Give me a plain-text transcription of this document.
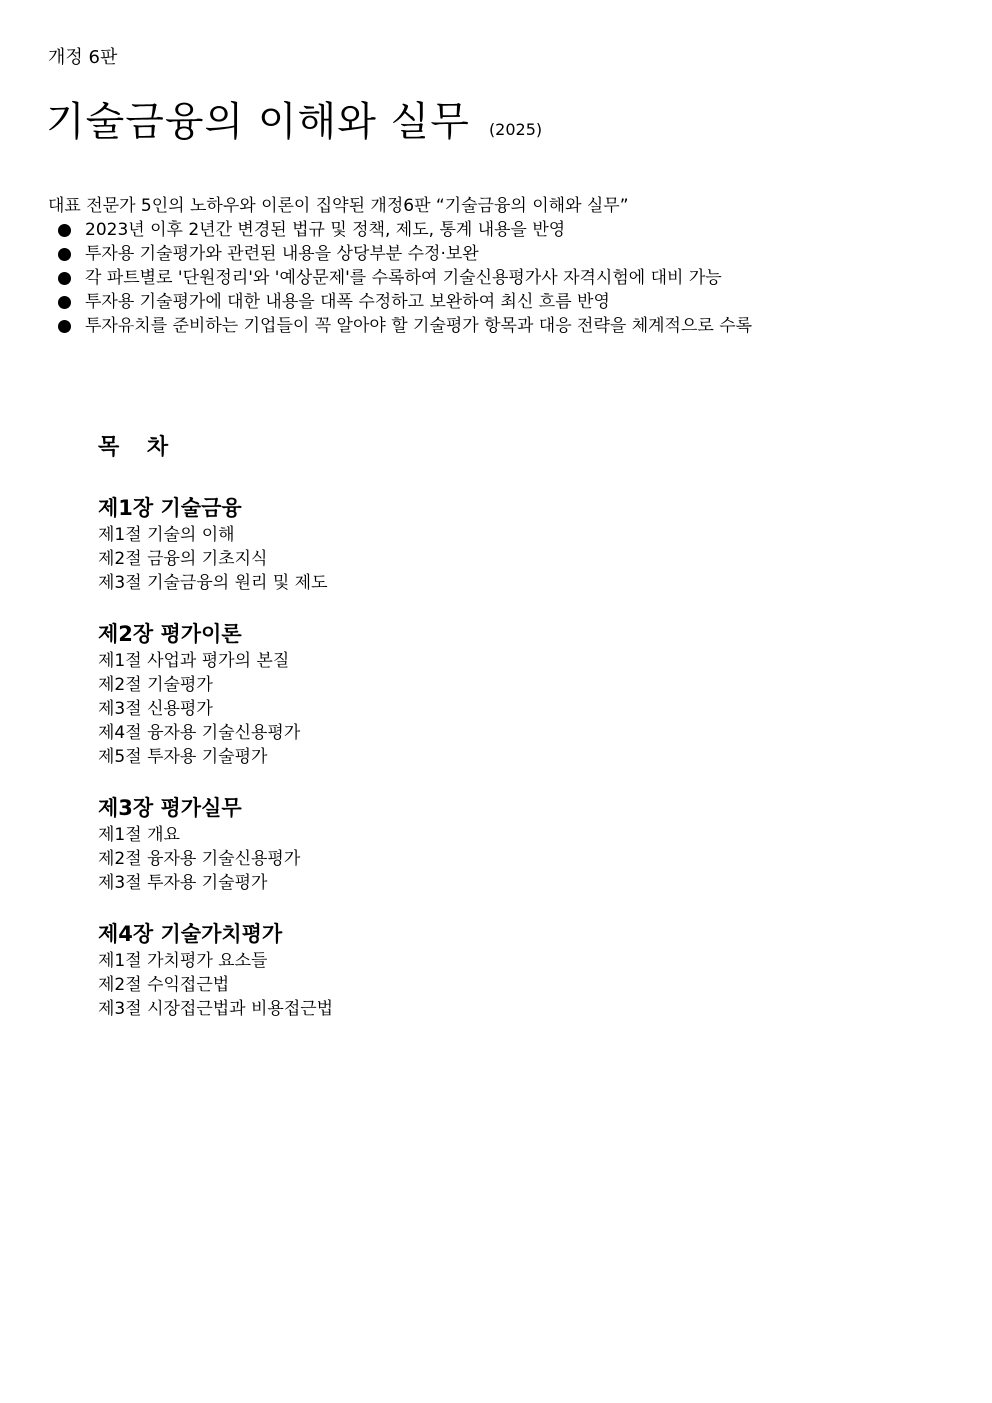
개정 6판
기술금융의 이해와 실무 (2025)
대표 전문가 5인의 노하우와 이론이 집약된 개정6판 “기술금융의 이해와 실무”
2023년 이후 2년간 변경된 법규 및 정책, 제도, 통계 내용을 반영
투자용 기술평가와 관련된 내용을 상당부분 수정·보완
각 파트별로 '단원정리'와 '예상문제'를 수록하여 기술신용평가사 자격시험에 대비 가능
투자용 기술평가에 대한 내용을 대폭 수정하고 보완하여 최신 흐름 반영
투자유치를 준비하는 기업들이 꼭 알아야 할 기술평가 항목과 대응 전략을 체계적으로 수록
목 차
제1장 기술금융
제1절 기술의 이해
제2절 금융의 기초지식
제3절 기술금융의 원리 및 제도
제2장 평가이론
제1절 사업과 평가의 본질
제2절 기술평가
제3절 신용평가
제4절 융자용 기술신용평가
제5절 투자용 기술평가
제3장 평가실무
제1절 개요
제2절 융자용 기술신용평가
제3절 투자용 기술평가
제4장 기술가치평가
제1절 가치평가 요소들
제2절 수익접근법
제3절 시장접근법과 비용접근법
